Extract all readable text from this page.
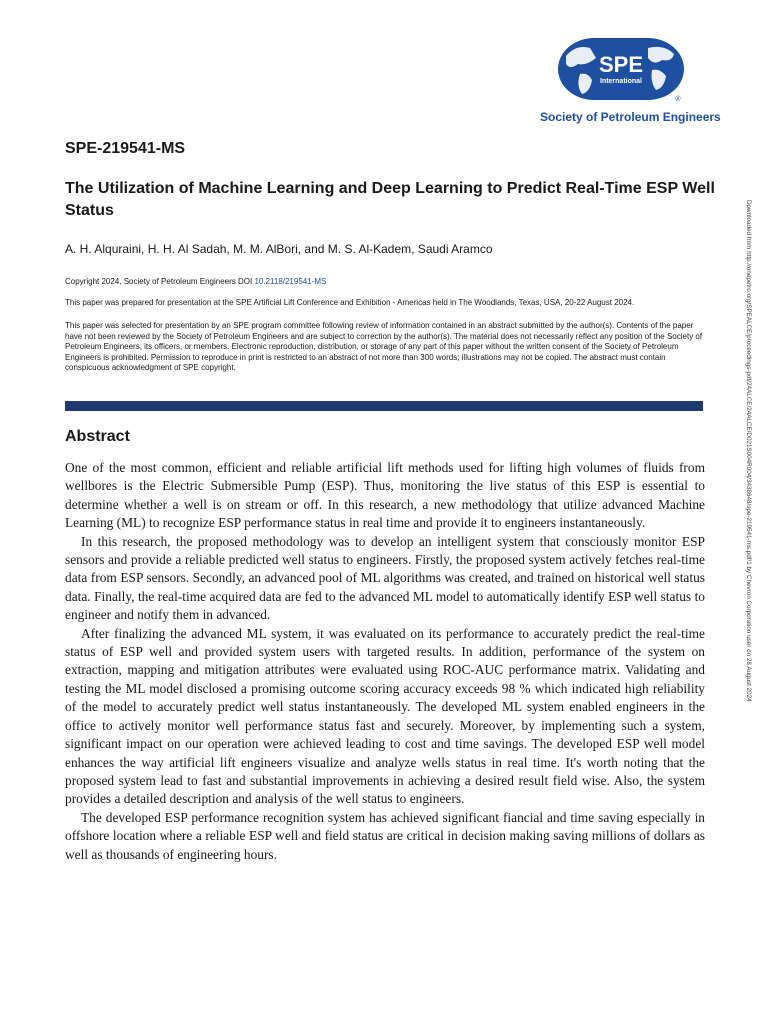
SPE
International
®
Society of Petroleum Engineers
SPE-219541-MS
The Utilization of Machine Learning and Deep Learning to Predict Real-Time ESP Well Status
A. H. Alquraini, H. H. Al Sadah, M. M. AlBori, and M. S. Al-Kadem, Saudi Aramco
Copyright 2024, Society of Petroleum Engineers DOI 10.2118/219541-MS
This paper was prepared for presentation at the SPE Artificial Lift Conference and Exhibition - Americas held in The Woodlands, Texas, USA, 20-22 August 2024.

This paper was selected for presentation by an SPE program committee following review of information contained in an abstract submitted by the author(s). Contents of the paper have not been reviewed by the Society of Petroleum Engineers and are subject to correction by the author(s). The material does not necessarily reflect any position of the Society of Petroleum Engineers, its officers, or members. Electronic reproduction, distribution, or storage of any part of this paper without the written consent of the Society of Petroleum Engineers is prohibited. Permission to reproduce in print is restricted to an abstract of not more than 300 words; illustrations may not be copied. The abstract must contain conspicuous acknowledgment of SPE copyright.

Abstract

One of the most common, efficient and reliable artificial lift methods used for lifting high volumes of fluids from wellbores is the Electric Submersible Pump (ESP). Thus, monitoring the live status of this ESP is essential to determine whether a well is on stream or off. In this research, a new methodology that utilize advanced Machine Learning (ML) to recognize ESP performance status in real time and provide it to engineers instantaneously.

In this research, the proposed methodology was to develop an intelligent system that consciously monitor ESP sensors and provide a reliable predicted well status to engineers. Firstly, the proposed system actively fetches real-time data from ESP sensors. Secondly, an advanced pool of ML algorithms was created, and trained on historical well status data. Finally, the real-time acquired data are fed to the advanced ML model to automatically identify ESP well status to engineer and notify them in advanced.

After finalizing the advanced ML system, it was evaluated on its performance to accurately predict the real-time status of ESP well and provided system users with targeted results. In addition, performance of the system on extraction, mapping and mitigation attributes were evaluated using ROC-AUC performance matrix. Validating and testing the ML model disclosed a promising outcome scoring accuracy exceeds 98 % which indicated high reliability of the model to accurately predict well status instantaneously. The developed ML system enabled engineers in the office to actively monitor well performance status fast and securely. Moreover, by implementing such a system, significant impact on our operation were achieved leading to cost and time savings. The developed ESP well model enhances the way artificial lift engineers visualize and analyze wells status in real time. It's worth noting that the proposed system lead to fast and substantial improvements in achieving a desired result field wise. Also, the system provides a detailed description and analysis of the well status to engineers.

The developed ESP performance recognition system has achieved significant fiancial and time saving especially in offshore location where a reliable ESP well and field status are critical in decision making saving millions of dollars as well as thousands of engineering hours.

Downloaded from http://onepetro.org/SPEALCE/proceedings-pdf/24ALCE/24ALCE/D021S004R004/3438648/spe-219541-ms.pdf/1 by Chevron Corporation user on 28 August 2024
